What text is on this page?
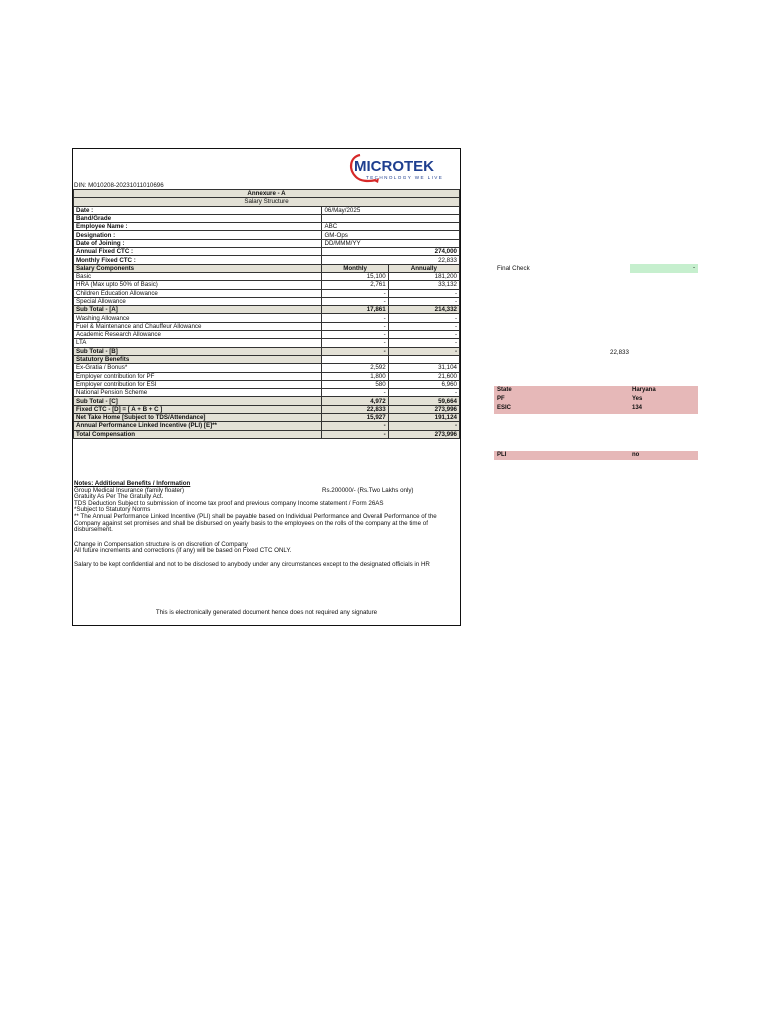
MICROTEK
TECHNOLOGY WE LIVE
DIN: M010208-20231011010696
Annexure - A		
Salary Structure		
Date :	06/May/2025	
Band/Grade		
Employee Name :	ABC	
Designation :	GM-Ops	
Date of Joining :	DD/MMM/YY	
Annual Fixed CTC :	274,000	
Monthly Fixed CTC :	22,833	
Salary Components	Monthly	Annually
Basic	15,100	181,200
HRA (Max upto 50% of Basic)	2,761	33,132
Children Education Allowance	-	-
Special Allowance	-	-
Sub Total - [A]	17,861	214,332
Washing Allowance	-	-
Fuel & Maintenance and Chauffeur Allowance	-	-
Academic Research Allowance	-	-
LTA	-	-
Sub Total - [B]	-	-
Statutory Benefits		
Ex-Gratia / Bonus*	2,592	31,104
Employer contribution for PF	1,800	21,600
Employer contribution for ESI	580	6,960
National Pension Scheme	-	-
Sub Total - [C]	4,972	59,664
Fixed CTC - [D] = [ A + B + C ]	22,833	273,996
Net Take Home [Subject to TDS/Attendance]	15,927	191,124
Annual Performance Linked Incentive (PLI) [E]**	-	-
Total Compensation	-	273,996
Notes: Additional Benefits / Information
Group Medical Insurance (family floater)	Rs.200000/- (Rs.Two Lakhs only)
Gratuity As Per The Gratuity Act.
TDS Deduction Subject to submission of income tax proof and previous company Income statement / Form 26AS
*Subject to Statutory Norms
** The Annual Performance Linked Incentive (PLI) shall be payable based on Individual Performance and Overall Performance of the Company against set promises and shall be disbursed on yearly basis to the employees on the rolls of the company at the time of disbursement.
Change in Compensation structure is on discretion of Company
All future increments and corrections (if any) will be based on Fixed CTC ONLY.
Salary to be kept confidential and not to be disclosed to anybody under any circumstances except to the designated officials in HR
This is electronically generated document hence does not required any signature
Final Check	-
22,833
State	Haryana
PF	Yes
ESIC	134
PLI	no
